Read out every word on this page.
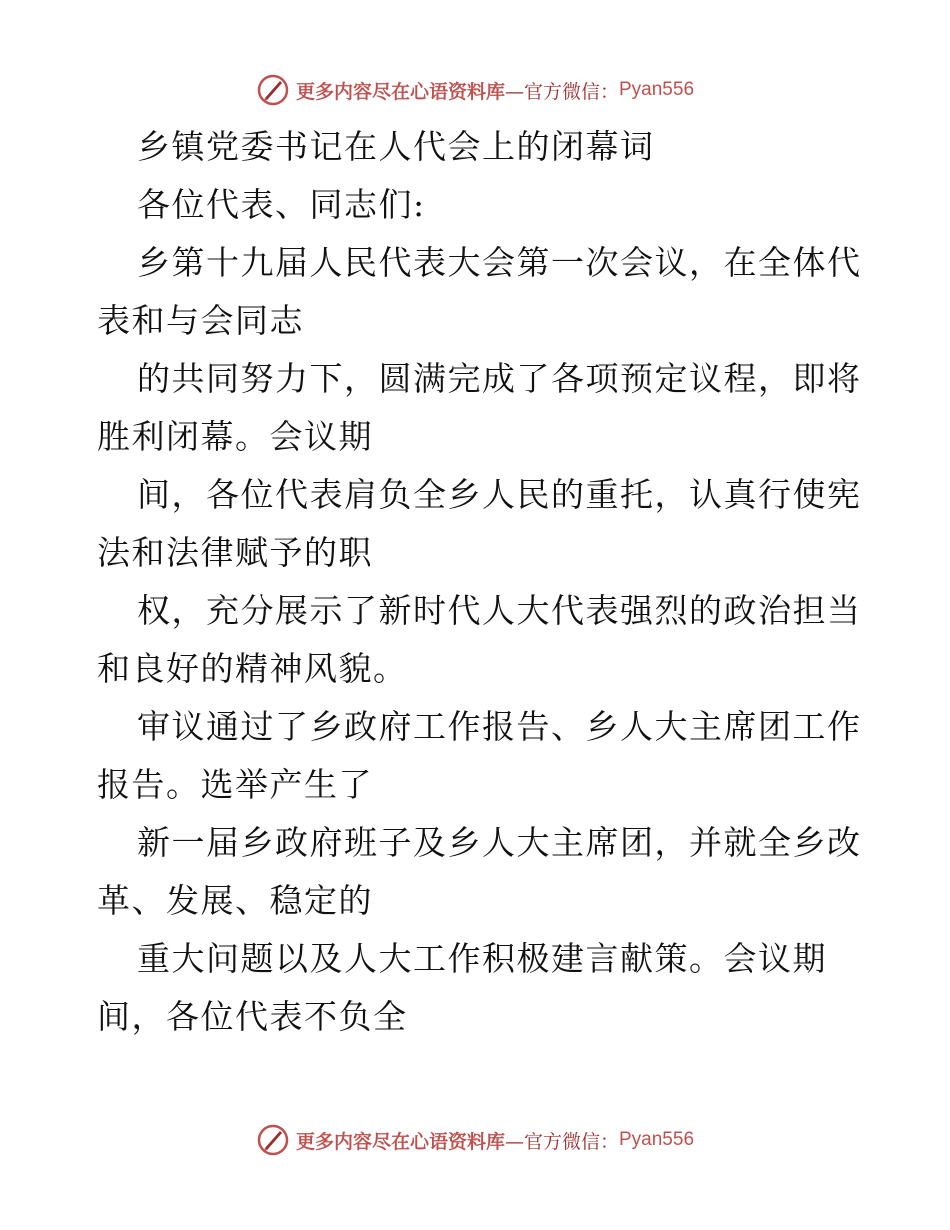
更多内容尽在心语资料库 —官方微信： Pyan556
乡镇党委书记在人代会上的闭幕词
各位代表、同志们:
乡第十九届人民代表大会第一次会议，在全体代
表和与会同志
的共同努力下，圆满完成了各项预定议程，即将
胜利闭幕。会议期
间，各位代表肩负全乡人民的重托，认真行使宪
法和法律赋予的职
权，充分展示了新时代人大代表强烈的政治担当
和良好的精神风貌。
审议通过了乡政府工作报告、乡人大主席团工作
报告。选举产生了
新一届乡政府班子及乡人大主席团，并就全乡改
革、发展、稳定的
重大问题以及人大工作积极建言献策。会议期
间，各位代表不负全
更多内容尽在心语资料库 —官方微信： Pyan556
